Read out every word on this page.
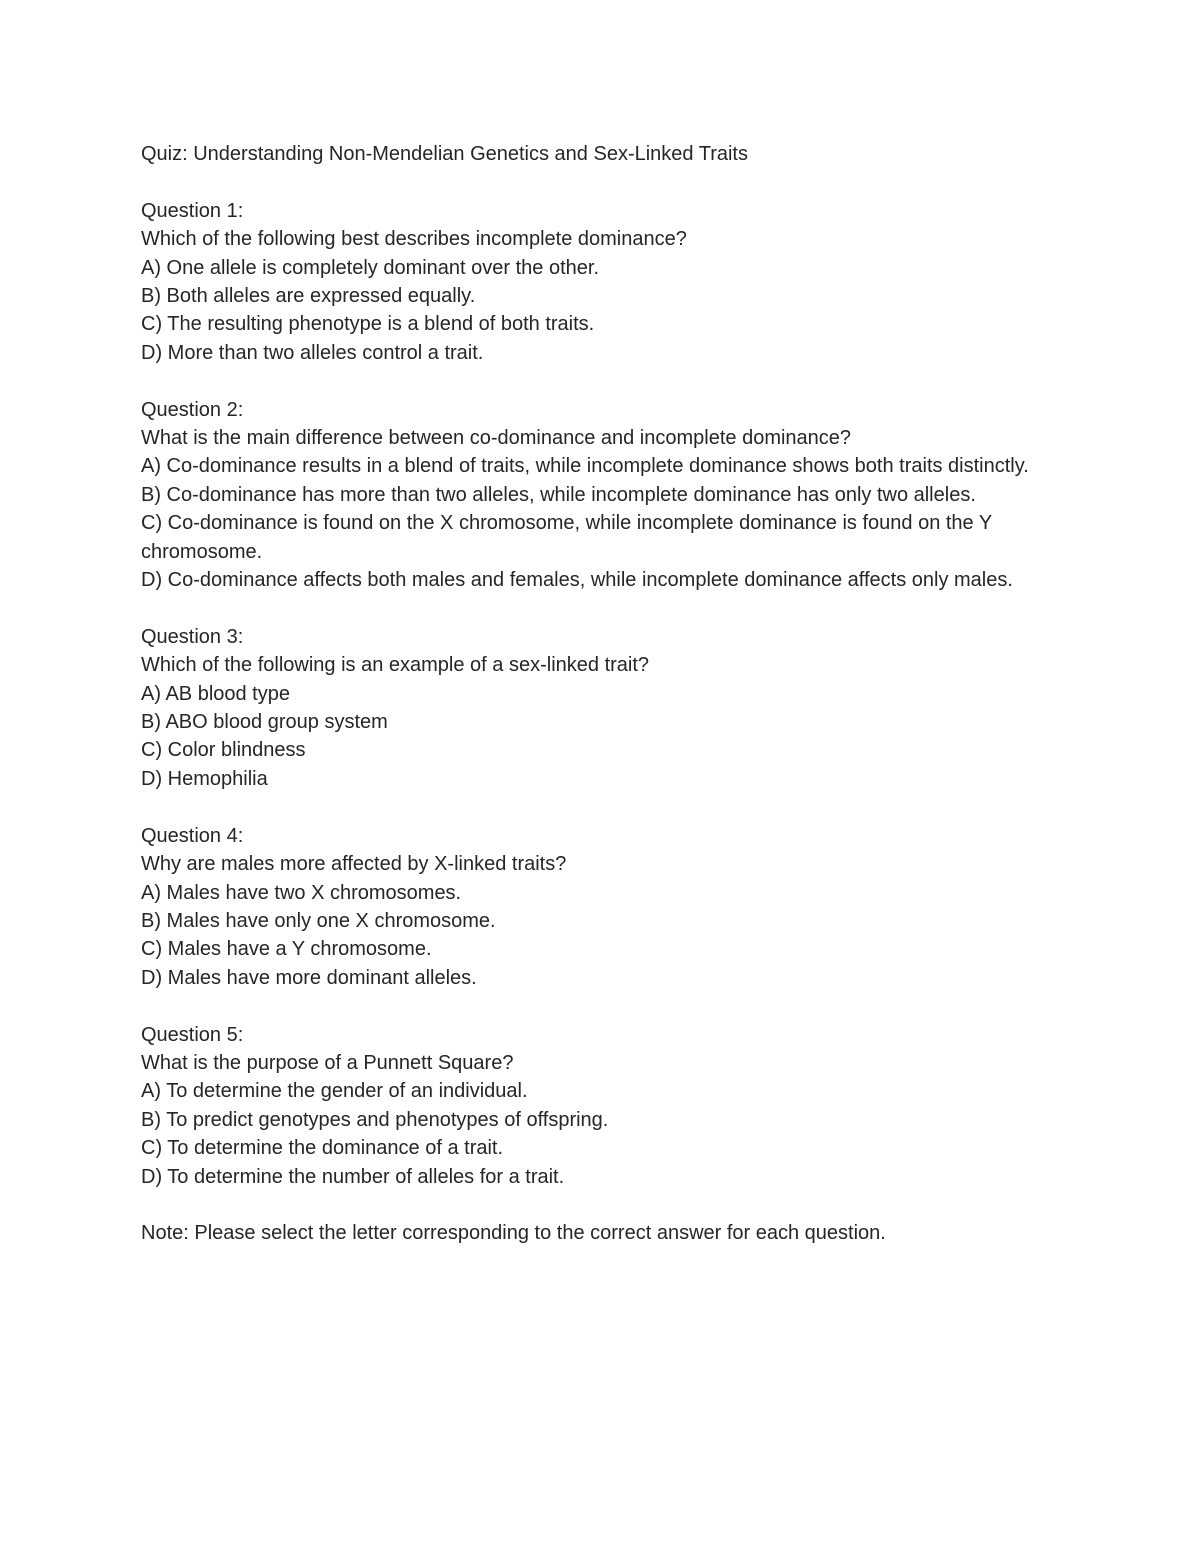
Quiz: Understanding Non-Mendelian Genetics and Sex-Linked Traits

Question 1:

Which of the following best describes incomplete dominance?

A) One allele is completely dominant over the other.

B) Both alleles are expressed equally.

C) The resulting phenotype is a blend of both traits.

D) More than two alleles control a trait.

Question 2:

What is the main difference between co-dominance and incomplete dominance?

A) Co-dominance results in a blend of traits, while incomplete dominance shows both traits distinctly.

B) Co-dominance has more than two alleles, while incomplete dominance has only two alleles.

C) Co-dominance is found on the X chromosome, while incomplete dominance is found on the Y chromosome.

D) Co-dominance affects both males and females, while incomplete dominance affects only males.

Question 3:

Which of the following is an example of a sex-linked trait?

A) AB blood type

B) ABO blood group system

C) Color blindness

D) Hemophilia

Question 4:

Why are males more affected by X-linked traits?

A) Males have two X chromosomes.

B) Males have only one X chromosome.

C) Males have a Y chromosome.

D) Males have more dominant alleles.

Question 5:

What is the purpose of a Punnett Square?

A) To determine the gender of an individual.

B) To predict genotypes and phenotypes of offspring.

C) To determine the dominance of a trait.

D) To determine the number of alleles for a trait.

Note: Please select the letter corresponding to the correct answer for each question.
